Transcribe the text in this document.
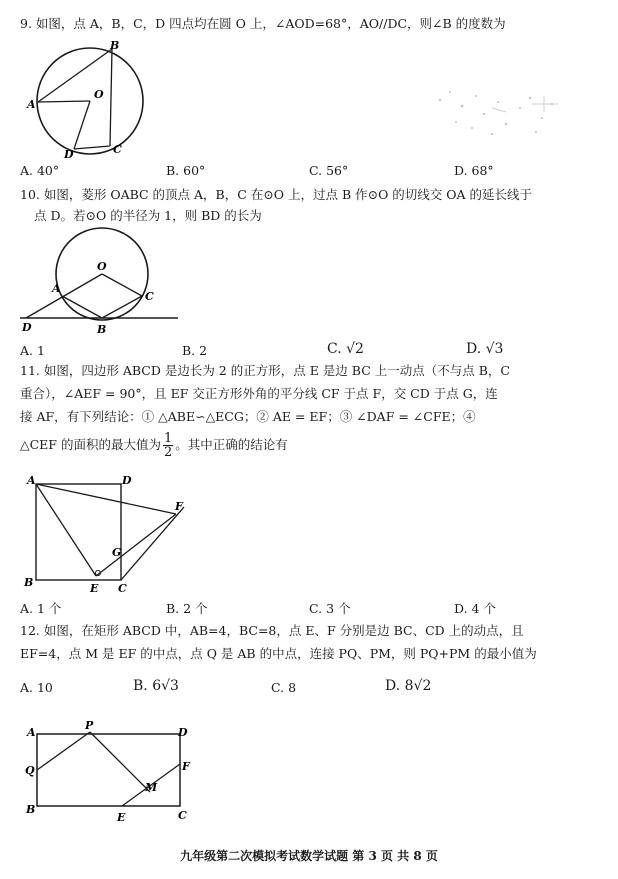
9. 如图，点 A，B，C，D 四点均在圆 O 上，∠AOD=68°，AO//DC，则∠B 的度数为
A
B
C
D
O
A. 40°	B. 60°	C. 56°	D. 68°
10. 如图，菱形 OABC 的顶点 A，B，C 在⊙O 上，过点 B 作⊙O 的切线交 OA 的延长线于
点 D。若⊙O 的半径为 1，则 BD 的长为
O
A
B
C
D
A. 1	B. 2	C. √2	D. √3
11. 如图，四边形 ABCD 是边长为 2 的正方形，点 E 是边 BC 上一动点（不与点 B，C
重合），∠AEF = 90°，且 EF 交正方形外角的平分线 CF 于点 F，交 CD 于点 G，连
接 AF，有下列结论：① △ABE∽△ECG；② AE = EF；③ ∠DAF = ∠CFE；④
△CEF 的面积的最大值为 $\frac{1}{2}$ 。其中正确的结论有
A
B	C
D
E
F
G
A. 1 个	B. 2 个	C. 3 个	D. 4 个
12. 如图，在矩形 ABCD 中，AB=4，BC=8，点 E、F 分别是边 BC、CD 上的动点，且
EF=4，点 M 是 EF 的中点，点 Q 是 AB 的中点，连接 PQ、PM，则 PQ+PM 的最小值为
A. 10	B. 6√3	C. 8	D. 8√2
A
B	C
D
E
F
M
P
Q
九年级第二次模拟考试数学试题 第 3 页 共 8 页
